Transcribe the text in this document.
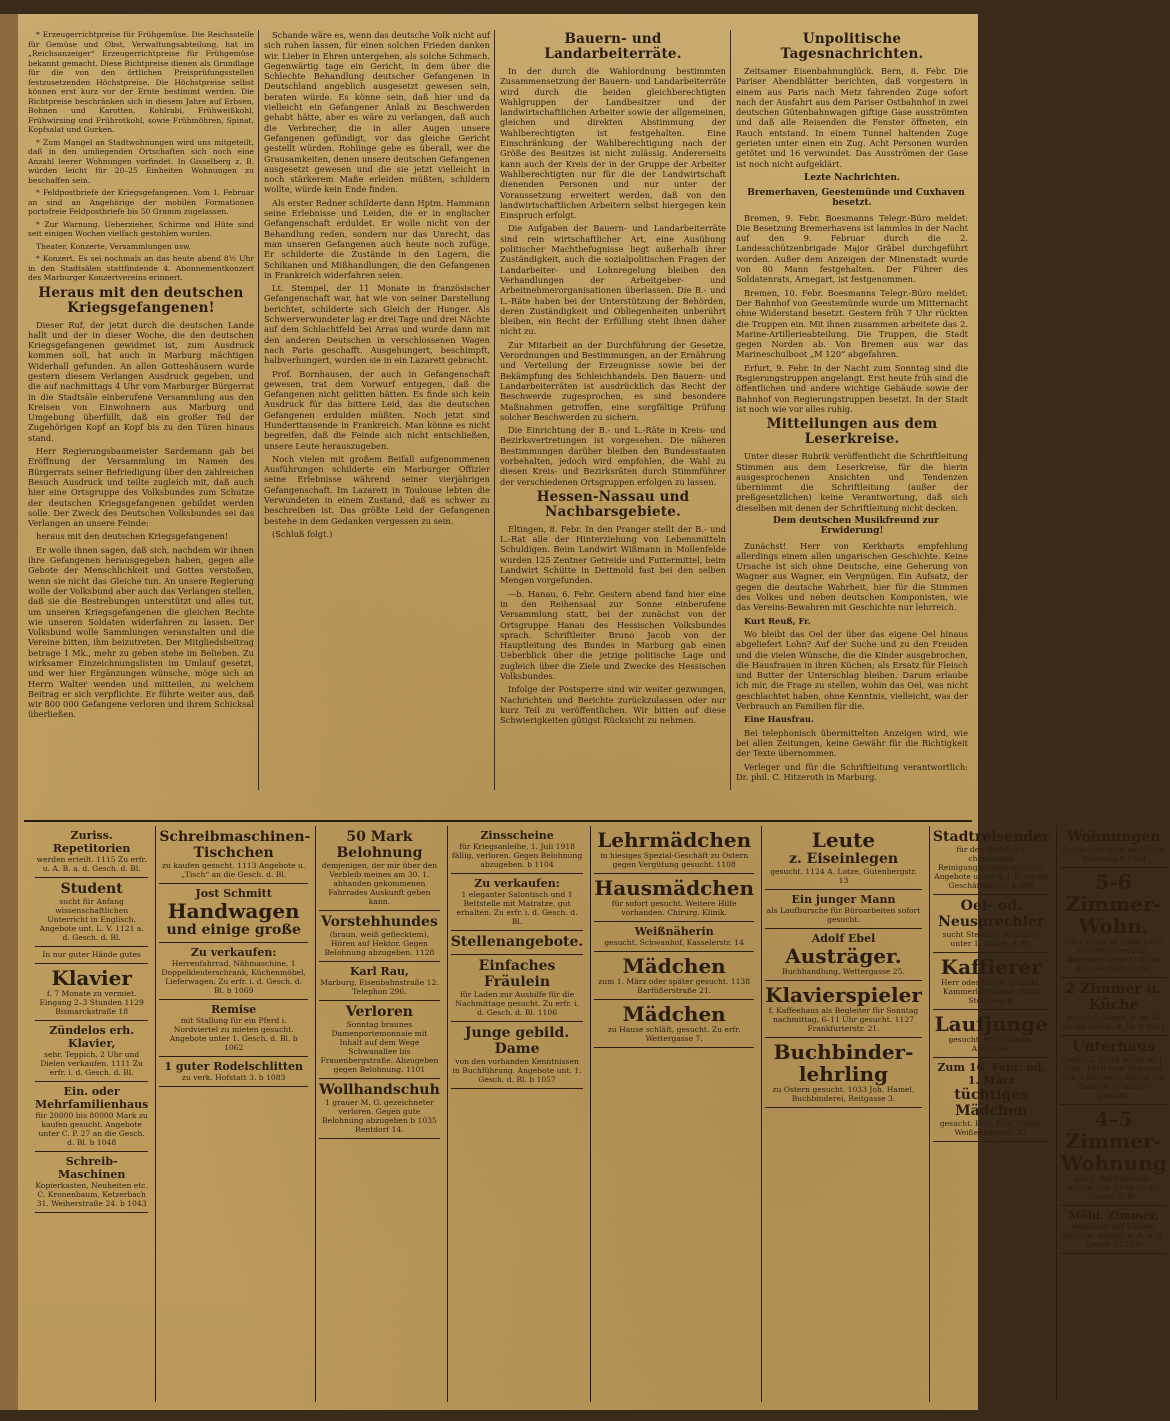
* Erzeugerrichtpreise für Frühgemüse. Die Reichsstelle für Gemüse und Obst, Verwaltungsabteilung, hat im „Reichsanzeiger“ Erzeugerrichtpreise für Frühgemüse bekannt gemacht. Diese Richtpreise dienen als Grundlage für die von den örtlichen Preisprüfungsstellen festzusetzenden Höchstpreise. Die Höchstpreise selbst können erst kurz vor der Ernte bestimmt werden. Die Richtpreise beschränken sich in diesem Jahre auf Erbsen, Bohnen und Karotten, Kohlrabi, Frühweißkohl, Frühwirsing und Frührotkohl, sowie Frühmöhren, Spinat, Kopfsalat und Gurken.

* Zum Mangel an Stadtwohnungen wird uns mitgeteilt, daß in den umliegenden Ortschaften sich noch eine Anzahl leerer Wohnungen vorfindet. In Gisselberg z. B. würden leicht für 20–25 Einheiten Wohnungen zu beschaffen sein.

* Feldpostbriefe der Kriegsgefangenen. Vom 1. Februar an sind an Angehörige der mobilen Formationen portofreie Feldpostbriefe bis 50 Gramm zugelassen.

* Zur Warnung. Ueberzieher, Schirme und Hüte sind seit einigen Wochen vielfach gestohlen worden.

Theater, Konzerte, Versammlungen usw.

* Konzert. Es sei nochmals an das heute abend 8½ Uhr in den Stadtsälen stattfindende 4. Abonnementkonzert des Marburger Konzertvereins erinnert.

Heraus mit den deutschen Kriegsgefangenen!

Dieser Ruf, der jetzt durch die deutschen Lande hallt und der in dieser Woche, die den deutschen Kriegsgefangenen gewidmet ist, zum Ausdruck kommen soll, hat auch in Marburg mächtigen Widerhall gefunden. An allen Gotteshäusern wurde gestern diesem Verlangen Ausdruck gegeben, und die auf nachmittags 4 Uhr vom Marburger Bürgerrat in die Stadtsäle einberufene Versammlung aus den Kreisen von Einwohnern aus Marburg und Umgebung überfüllt, daß ein großer Teil der Zugehörigen Kopf an Kopf bis zu den Türen hinaus stand.

Herr Regierungsbaumeister Sardemann gab bei Eröffnung der Versammlung im Namen des Bürgerrats seiner Befriedigung über den zahlreichen Besuch Ausdruck und teilte zugleich mit, daß auch hier eine Ortsgruppe des Volksbundes zum Schutze der deutschen Kriegsgefangenen gebildet werden solle. Der Zweck des Deutschen Volksbundes sei das Verlangen an unsere Feinde:

heraus mit den deutschen Kriegsgefangenen!

Er wolle ihnen sagen, daß sich, nachdem wir ihnen ihre Gefangenen herausgegeben haben, gegen alle Gebote der Menschlichkeit und Gottes verstoßen, wenn sie nicht das Gleiche tun. An unsere Regierung wolle der Volksbund aber auch das Verlangen stellen, daß sie die Bestrebungen unterstützt und alles tut, um unseren Kriegsgefangenen die gleichen Rechte wie unseren Soldaten widerfahren zu lassen. Der Volksbund wolle Sammlungen veranstalten und die Vereine bitten, ihm beizutreten. Der Mitgliedsbeitrag betrage 1 Mk., mehr zu geben stehe im Belieben. Zu wirksamer Einzeichnungslisten im Umlauf gesetzt, und wer hier Ergänzungen wünsche, möge sich an Herrn Walter wenden und mitteilen, zu welchem Beitrag er sich verpflichte. Er führte weiter aus, daß wir 800 000 Gefangene verloren und ihrem Schicksal überließen.

Schande wäre es, wenn das deutsche Volk nicht auf sich ruhen lassen, für einen solchen Frieden danken wir. Lieber in Ehren untergehen, als solche Schmach. Gegenwärtig tage ein Gericht, in dem über die Schlechte Behandlung deutscher Gefangenen in Deutschland angeblich ausgesetzt gewesen sein, beraten würde. Es könne sein, daß hier und da vielleicht ein Gefangener Anlaß zu Beschwerden gehabt hätte, aber es wäre zu verlangen, daß auch die Verbrecher, die in aller Augen unsere Gefangenen gefündigt, vor das gleiche Gericht gestellt würden. Rohlinge gebe es überall, wer die Grausamkeiten, denen unsere deutschen Gefangenen ausgesetzt gewesen und die sie jetzt vielleicht in noch stärkerem Maße erleiden müßten, schildern wollte, würde kein Ende finden.

Als erster Redner schilderte dann Hptm. Hammann seine Erlebnisse und Leiden, die er in englischer Gefangenschaft erduldet. Er wolle nicht von der Behandlung reden, sondern nur das Unrecht, das man unseren Gefangenen auch heute noch zufüge. Er schilderte die Zustände in den Lagern, die Schikanen und Mißhandlungen, die den Gefangenen in Frankreich widerfahren seien.

Lt. Stempel, der 11 Monate in französischer Gefangenschaft war, hat wie von seiner Darstellung berichtet, schilderte sich Gleich der Hunger. Als Schwerverwundeter lag er drei Tage und drei Nächte auf dem Schlachtfeld bei Arras und wurde dann mit den anderen Deutschen in verschlossenen Wagen nach Paris geschafft. Ausgehungert, beschimpft, halbverhungert, wurden sie in ein Lazarett gebracht.

Prof. Bornhausen, der auch in Gefangenschaft gewesen, trat dem Vorwurf entgegen, daß die Gefangenen nicht gelitten hätten. Es finde sich kein Ausdruck für das bittere Leid, das die deutschen Gefangenen erdulden müßten. Noch jetzt sind Hunderttausende in Frankreich. Man könne es nicht begreifen, daß die Feinde sich nicht entschließen, unsere Leute herauszugeben.

Noch vielen mit großem Beifall aufgenommenen Ausführungen schilderte ein Marburger Offizier seine Erlebnisse während seiner vierjährigen Gefangenschaft. Im Lazarett in Toulouse lebten die Verwundeten in einem Zustand, daß es schwer zu beschreiben ist. Das größte Leid der Gefangenen bestehe in dem Gedanken vergessen zu sein.

(Schluß folgt.)

Bauern- und Landarbeiterräte.

In der durch die Wahlordnung bestimmten Zusammensetzung der Bauern- und Landarbeiterräte wird durch die beiden gleichberechtigten Wahlgruppen der Landbesitzer und der landwirtschaftlichen Arbeiter sowie der allgemeinen, gleichen und direkten Abstimmung der Wahlberechtigten ist festgehalten. Eine Einschränkung der Wahlberechtigung nach der Größe des Besitzes ist nicht zulässig. Andererseits kann auch der Kreis der in der Gruppe der Arbeiter Wahlberechtigten nur für die der Landwirtschaft dienenden Personen und nur unter der Voraussetzung erweitert werden, daß von den landwirtschaftlichen Arbeitern selbst hiergegen kein Einspruch erfolgt.

Die Aufgaben der Bauern- und Landarbeiterräte sind rein wirtschaftlicher Art, eine Ausübung politischer Machtbefugnisse liegt außerhalb ihrer Zuständigkeit, auch die sozialpolitischen Fragen der Landarbeiter- und Lohnregelung bleiben den Verhandlungen der Arbeitgeber- und Arbeitnehmerorganisationen überlassen. Die B.- und L.-Räte haben bei der Unterstützung der Behörden, deren Zuständigkeit und Obliegenheiten unberührt bleiben, ein Recht der Erfüllung steht ihnen daher nicht zu.

Zur Mitarbeit an der Durchführung der Gesetze, Verordnungen und Bestimmungen, an der Ernährung und Verteilung der Erzeugnisse sowie bei der Bekämpfung des Schleichhandels. Den Bauern- und Landarbeiterräten ist ausdrücklich das Recht der Beschwerde zugesprochen, es sind besondere Maßnahmen getroffen, eine sorgfältige Prüfung solcher Beschwerden zu sichern.

Die Einrichtung der B.- und L.-Räte in Kreis- und Bezirksvertretungen ist vorgesehen. Die näheren Bestimmungen darüber bleiben den Bundesstaaten vorbehalten, jedoch wird empfohlen, die Wahl zu diesen Kreis- und Bezirksräten durch Stimmführer der verschiedenen Ortsgruppen erfolgen zu lassen.

Hessen-Nassau und Nachbarsgebiete.

Eltingen, 8. Febr. In den Pranger stellt der B.- und L.-Rat alle der Hinterziehung von Lebensmitteln Schuldigen. Beim Landwirt Wißmann in Mollenfelde wurden 125 Zentner Getreide und Futtermittel, beim Landwirt Schütte in Dettmold fast bei den selben Mengen vorgefunden.

—b. Hanau, 6. Febr. Gestern abend fand hier eine in den Reihensaal zur Sonne einberufene Versammlung statt, bei der zunächst von der Ortsgruppe Hanau des Hessischen Volksbundes sprach. Schriftleiter Bruno Jacob von der Hauptleitung des Bundes in Marburg gab einen Ueberblick über die jetzige politische Lage und zugleich über die Ziele und Zwecke des Hessischen Volksbundes.

Infolge der Postsperre sind wir weiter gezwungen, Nachrichten und Berichte zurückzulassen oder nur kurz Teil zu veröffentlichen. Wir bitten auf diese Schwierigkeiten gütigst Rücksicht zu nehmen.

Unpolitische Tagesnachrichten.

Zeitsamer Eisenbahnunglück. Bern, 8. Febr. Die Pariser Abendblätter berichten, daß vorgestern in einem aus Paris nach Metz fahrenden Zuge sofort nach der Ausfahrt aus dem Pariser Ostbahnhof in zwei deutschen Gütenbahnwagen giftige Gase ausströmten und daß alle Reisenden die Fenster öffneten, ein Rauch entstand. In einem Tunnel haltenden Zuge gerieten unter einen ein Zug. Acht Personen wurden getötet und 16 verwundet. Das Ausströmen der Gase ist noch nicht aufgeklärt.

Lezte Nachrichten.

Bremerhaven, Geestemünde und Cuxhaven besetzt.

Bremen, 9. Febr. Boesmanns Telegr.-Büro meldet: Die Besetzung Bremerhavens ist lammlos in der Nacht auf den 9. Februar durch die 2. Landesschützenbrigade Major Gräbel durchgeführt worden. Außer dem Anzeigen der Minenstadt wurde von 80 Mann festgehalten. Der Führer des Soldatenrats, Arnegart, ist festgenommen.

Bremen, 10. Febr. Boesmanns Telegr.-Büro meldet: Der Bahnhof von Geestemünde wurde um Mitternacht ohne Widerstand besetzt. Gestern früh 7 Uhr rückten die Truppen ein. Mit ihnen zusammen arbeitete das 2. Marine-Artillerieabteilung. Die Truppen, die Stadt gegen Norden ab. Von Bremen aus war das Marineschulboot „M 120“ abgefahren.

Erfurt, 9. Febr. In der Nacht zum Sonntag sind die Regierungstruppen angelangt. Erst heute früh sind die öffentlichen und andere wichtige Gebäude sowie der Bahnhof von Regierungstruppen besetzt. In der Stadt ist noch wie vor alles ruhig.

Mitteilungen aus dem Leserkreise.

Unter dieser Rubrik veröffentlicht die Schriftleitung Stimmen aus dem Leserkreise, für die hierin ausgesprochenen Ansichten und Tendenzen übernimmt die Schriftleitung (außer der preßgesetzlichen) keine Verantwortung, daß sich dieselben mit denen der Schriftleitung nicht decken.

Dem deutschen Musikfreund zur Erwiderung!

Zunächst! Herr von Kerkharts empfehlung allerdings einem allen ungarischen Geschichte. Keine Ursache ist sich ohne Deutsche, eine Geherung von Wagner aus Wagner, ein Vergnügen. Ein Aufsatz, der gegen die deutsche Wahrheit, hier für die Stimmen des Volkes und neben deutschen Komponisten, wie das Vereins-Bewahren mit Geschichte nur lehrreich.

Kurt Reuß, Fr.

Wo bleibt das Oel der über das eigene Oel hinaus abgeliefert Lohn? Auf der Suche und zu den Freuden und die vielen Wünsche, die die Kinder ausgebrochen, die Hausfrauen in ihren Küchen; als Ersatz für Fleisch und Butter der Unterschlag bleiben. Darum erlaube ich mir, die Frage zu stellen, wohin das Oel, was nicht geschlachtet haben, ohne Kenntnis, vielleicht, was der Verbrauch an Familien für die.

Eine Hausfrau.

Bei telephonisch übermittelten Anzeigen wird, wie bei allen Zeitungen, keine Gewähr für die Richtigkeit der Texte übernommen.

Verleger und für die Schriftleitung verantwortlich: Dr. phil. C. Hitzeroth in Marburg.

Zuriss. Repetitorien
werden erteilt. 1115 Zu erfr. u. A. B. a. d. Gesch. d. Bl.
Student
sucht für Anfang wissenschaftlichen Unterricht in Englisch. Angebote unt. L. V. 1121 a. d. Gesch. d. Bl.
In nur guter Hände gutes
Klavier
f. 7 Monate zu vermiet. Eingang 2–3 Stunden 1129 Bismarckstraße 18
Zündelos erh. Klavier,
sehr. Teppich, 2 Uhr und Dielen verkaufen. 1111 Zu erfr. i. d. Gesch. d. Bl.
Ein. oder Mehrfamilienhaus
für 20000 bis 80000 Mark zu kaufen gesucht. Angebote unter C. P. 27 an die Gesch. d. Bl. b 1048
Schreib-Maschinen
Kopierkasten, Neuheiten etc. C. Kronenbaum, Ketzerbach 31. Weiherstraße 24. b 1043
Schreibmaschinen-Tischchen
zu kaufen gesucht. 1113 Angebote u. „Tisch“ an die Gesch. d. Bl.
Jost Schmitt
Handwagen
und einige große
Zu verkaufen:
Herrenfahrrad, Nähmaschine, 1 Doppelkleiderschrank, Küchenmöbel, Lieferwagen. Zu erfr. i. d. Gesch. d. Bl. b 1069
Remise
mit Stallung für ein Pferd i. Nordviertel zu mieten gesucht. Angebote unter 1. Gesch. d. Bl. b 1062
1 guter Rodelschlitten
zu verk. Hofstatt 3. b 1083
50 Mark Belohnung
demjenigen, der mir über den Verbleib meines am 30. 1. abhanden gekommenen Fahrrades Auskunft geben kann.
Vorstehhundes
(braun, weiß geflecktem), Hören auf Hektor. Gegen Belohnung abzugeben. 1128
Karl Rau,
Marburg, Eisenbahnstraße 12. Telephon 296.
Verloren
Sonntag braunes Damenportemonnaie mit Inhalt auf dem Wege Schwanallee bis Frauenbergstraße. Abzugeben gegen Belohnung. 1101
Wollhandschuh
1 grauer M. G. gezeichneter verloren. Gegen gute Belohnung abzugeben b 1035 Rentdorf 14.
Zinsscheine
für Kriegsanleihe, 1. Juli 1918 fällig, verloren. Gegen Belohnung abzugeben. b 1104
Zu verkaufen:
1 eleganter Salontisch und 1 Bettstelle mit Matratze, gut erhalten. Zu erfr. i. d. Gesch. d. Bl.
Stellenangebote.
Einfaches Fräulein
für Laden zur Aushilfe für die Nachmittage gesucht. Zu erfr. i. d. Gesch. d. Bl. 1106
Junge gebild. Dame
von den vorhanden Kenntnissen in Buchführung. Angebote unt. 1. Gesch. d. Bl. b 1057
Lehrmädchen
in hiesiges Spezial-Geschäft zu Ostern gegen Vergütung gesucht. 1108
Hausmädchen
für sofort gesucht. Weitere Hilfe vorhanden. Chirurg. Klinik.
Weißnäherin
gesucht. Schwanhof, Kasselerstr. 14
Mädchen
zum 1. März oder später gesucht. 1138 Barfüßerstraße 21.
Mädchen
zu Hause schläft, gesucht. Zu erfr. Wettergasse 7.
Leute
z. Eiseinlegen
gesucht. 1124 A. Lotze, Gutenbergstr. 13
Ein junger Mann
als Laufbursche für Büroarbeiten sofort gesucht.
Adolf Ebel
Austräger.
Buchhandlung, Wettergasse 25.
Klavierspieler
f. Kaffeehaus als Begleiter für Sonntag nachmittag, 6–11 Uhr gesucht. 1127 Frankfurterstr. 21.
Buchbinder-lehrling
zu Ostern gesucht. 1033 Joh. Hamel, Buchbinderei, Reitgasse 3.
Stadtreisender
für den Vertrieb v. chemischen Reinigungsmitteln gesucht. Angebote unter A. J. B. an die Geschäftsstelle. b 990
Oel- od. Neusprechler
sucht Stellung. Angebote unter 1. Gesch. d. Bl.
Kaffierer
Herr oder Dame, gesucht. Kammerlichtspiele, 1040 Steinweg 4.
Laufjunge
gesucht. 987 Einhorn-Apotheke.
Zum 16. Febr. od. 1. März
tüchtiges Mädchen
gesucht. Frau Prof. Tiebel, Weißenburgstr. 30.
Wohnungen
Suche eine gute möblierte Wohnung b 1064
5-6 Zimmer-Wohn.
oder Etage in guter Lage zu mieten gesucht. Angebote unter O. Z. an die Geschäftsstelle.
2 Zimmer u. Küche
gesucht. Angeb. u. W. 58 an die Gesch. d. Bl. b 1061
Unterhaus
Gegen 2. Stock fertig ist 1. Febr. 1919 eine Wohnung von 3 Zimmern, Küche mit Zubehör zu mieten gesucht.
4–5 Zimmer-Wohnung
per 1. April gesucht. Angeb. unt. 1106 an die Gesch. d. Bl.
Möbl. Zimmer,
möglichst mit Klavier, gesucht. Angeb. u. A. 4. d. Gesch. 1133 b
